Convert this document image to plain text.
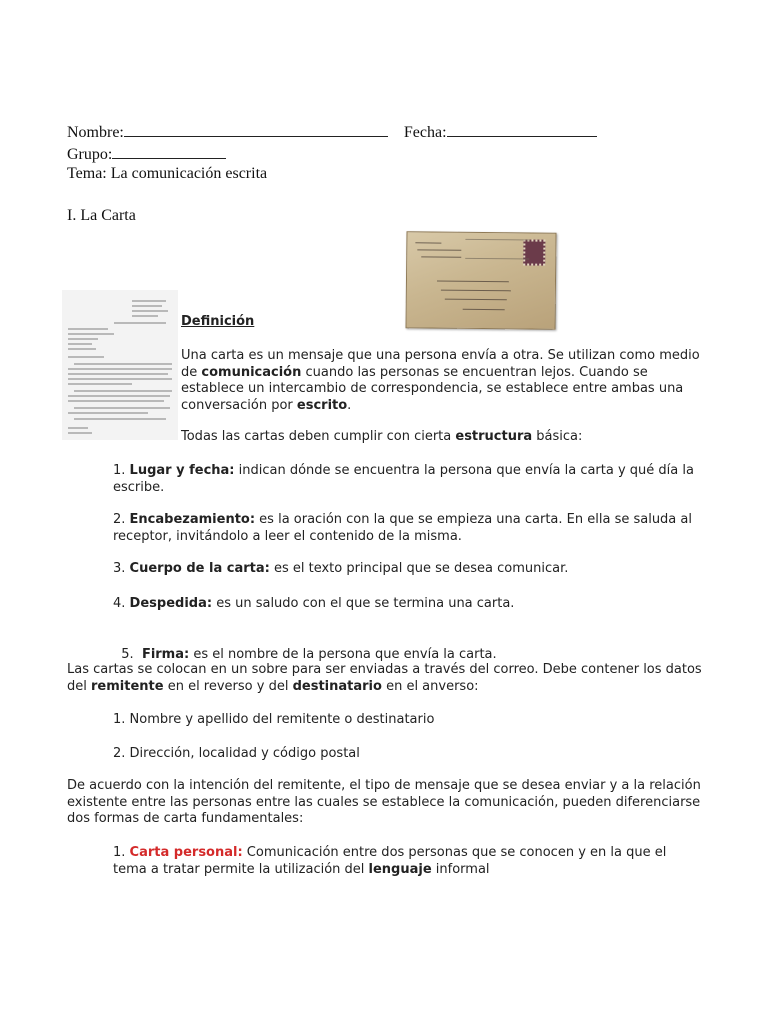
Nombre:	Fecha:
Grupo:
Tema: La comunicación escrita
I. La Carta
Definición
Una carta es un mensaje que una persona envía a otra. Se utilizan como medio de comunicación cuando las personas se encuentran lejos. Cuando se establece un intercambio de correspondencia, se establece entre ambas una conversación por escrito.
Todas las cartas deben cumplir con cierta estructura básica:
1. Lugar y fecha: indican dónde se encuentra la persona que envía la carta y qué día la escribe.
2. Encabezamiento: es la oración con la que se empieza una carta. En ella se saluda al receptor, invitándolo a leer el contenido de la misma.
3. Cuerpo de la carta: es el texto principal que se desea comunicar.
4. Despedida: es un saludo con el que se termina una carta.

5.  Firma: es el nombre de la persona que envía la carta.

Las cartas se colocan en un sobre para ser enviadas a través del correo. Debe contener los datos del remitente en el reverso y del destinatario en el anverso:
1. Nombre y apellido del remitente o destinatario
2. Dirección, localidad y código postal
De acuerdo con la intención del remitente, el tipo de mensaje que se desea enviar y a la relación existente entre las personas entre las cuales se establece la comunicación, pueden diferenciarse dos formas de carta fundamentales:
1. Carta personal: Comunicación entre dos personas que se conocen y en la que el tema a tratar permite la utilización del lenguaje informal
